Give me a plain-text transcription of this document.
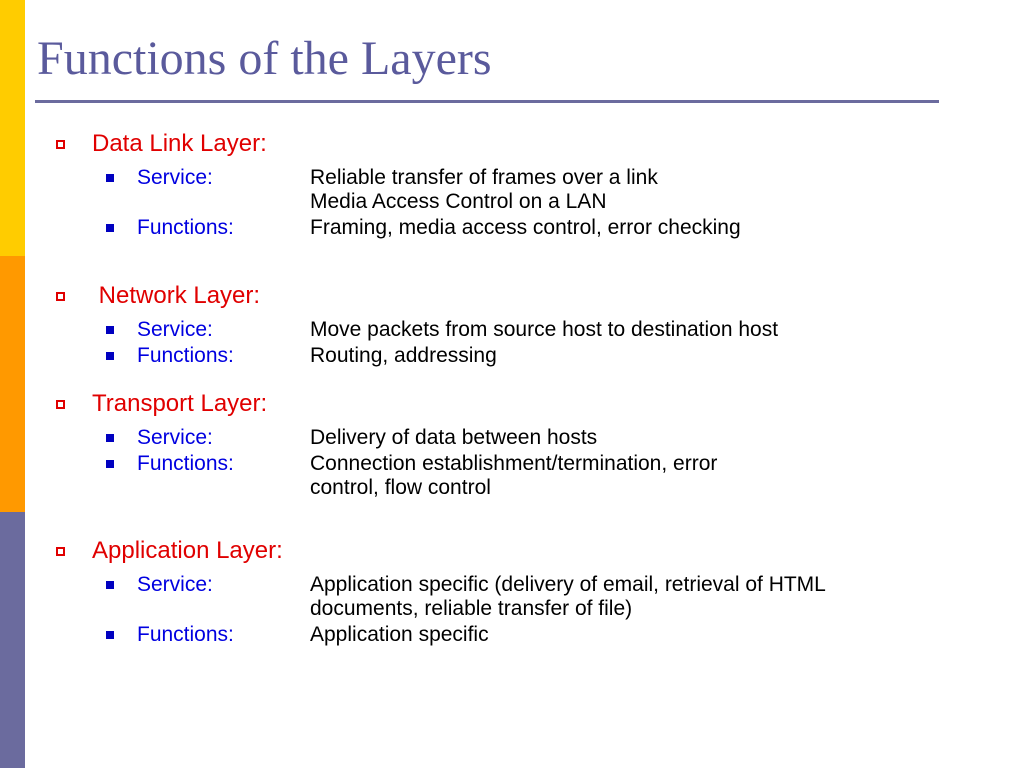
Functions of the Layers
Data Link Layer:
Service:	Reliable transfer of frames over a link
Media Access Control on a LAN
Functions:	Framing, media access control, error checking
Network Layer:
Service:	Move packets from source host to destination host
Functions:	Routing, addressing
Transport Layer:
Service:	Delivery of data between hosts
Functions:	Connection establishment/termination, error
control, flow control
Application Layer:
Service:	Application specific (delivery of email, retrieval of HTML
documents, reliable transfer of file)
Functions:	Application specific
